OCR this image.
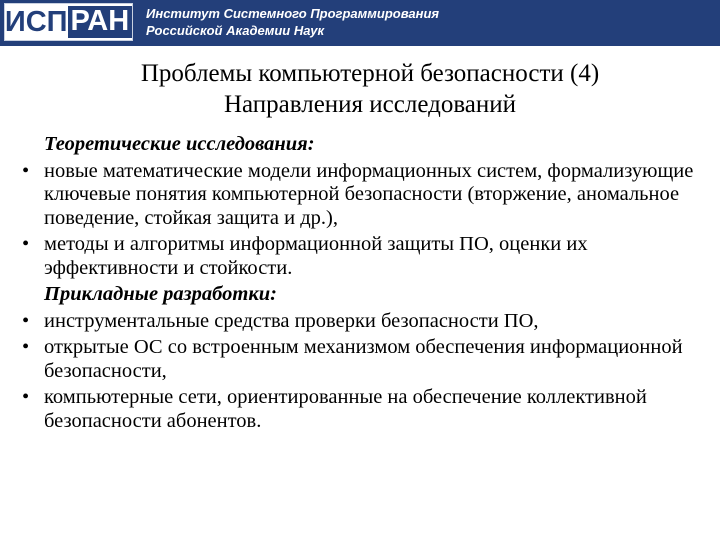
ИСП РАН Институт Системного Программирования
Российской Академии Наук
Проблемы компьютерной безопасности (4)
Направления исследований
Теоретические исследования:
• новые математические модели информационных систем, формализующие ключевые понятия компьютерной безопасности (вторжение, аномальное поведение, стойкая защита и др.),
• методы и алгоритмы информационной защиты ПО, оценки их эффективности и стойкости.
Прикладные разработки:
• инструментальные средства проверки безопасности ПО,
• открытые ОС со встроенным механизмом обеспечения информационной безопасности,
• компьютерные сети, ориентированные на обеспечение коллективной безопасности абонентов.
